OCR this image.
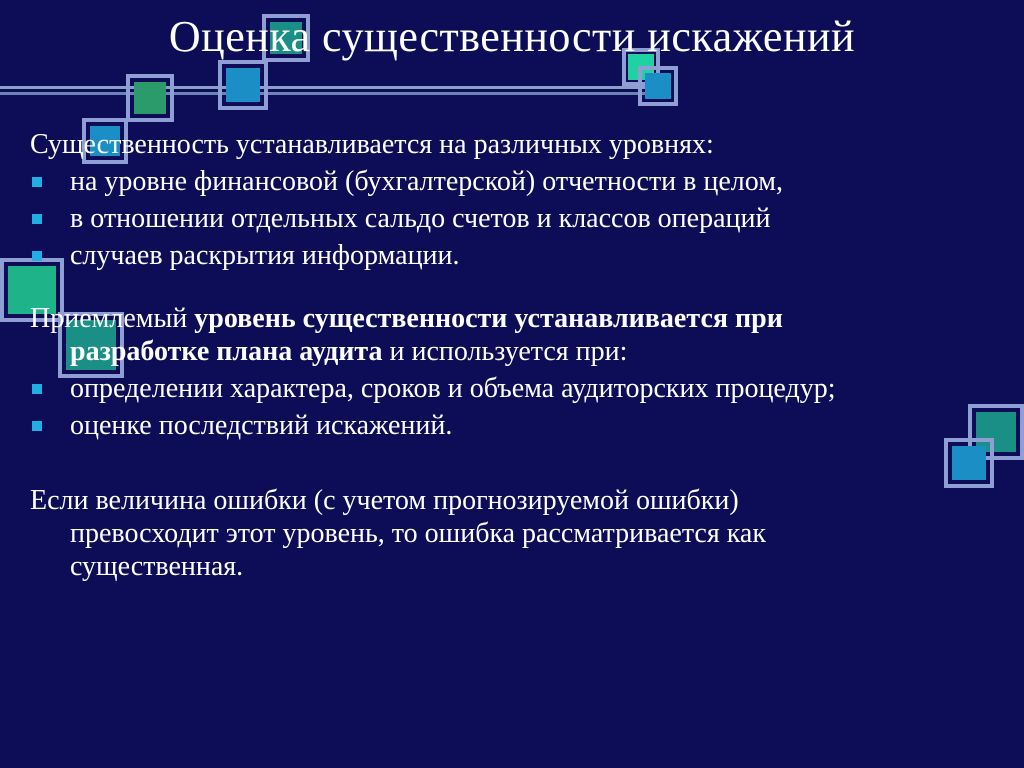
Оценка существенности искажений
Существенность устанавливается на различных уровнях:
на уровне финансовой (бухгалтерской) отчетности в целом,
в отношении отдельных сальдо счетов и классов операций
случаев раскрытия информации.
Приемлемый уровень существенности устанавливается при
разработке плана аудита и используется при:
определении характера, сроков и объема аудиторских процедур;
оценке последствий искажений.
Если величина ошибки (с учетом прогнозируемой ошибки)
превосходит этот уровень, то ошибка рассматривается как
существенная.
